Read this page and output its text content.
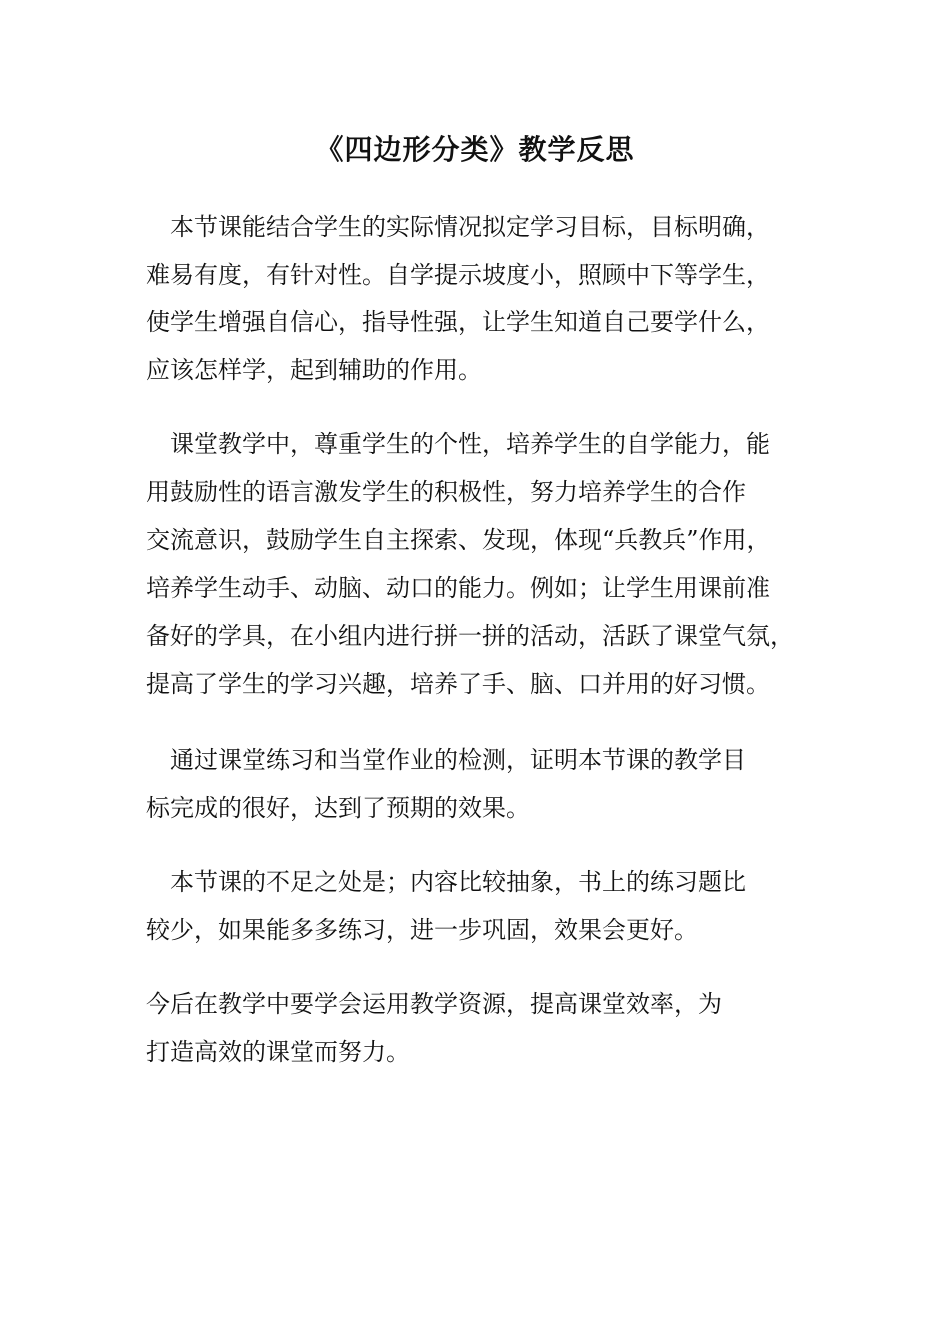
《四边形分类》教学反思

　本节课能结合学生的实际情况拟定学习目标，目标明确，

难易有度，有针对性。自学提示坡度小，照顾中下等学生，

使学生增强自信心，指导性强，让学生知道自己要学什么，

应该怎样学，起到辅助的作用。

　课堂教学中，尊重学生的个性，培养学生的自学能力，能

用鼓励性的语言激发学生的积极性，努力培养学生的合作

交流意识，鼓励学生自主探索、发现，体现“兵教兵”作用，

培养学生动手、动脑、动口的能力。例如；让学生用课前准

备好的学具，在小组内进行拼一拼的活动，活跃了课堂气氛，

提高了学生的学习兴趣，培养了手、脑、口并用的好习惯。

　通过课堂练习和当堂作业的检测，证明本节课的教学目

标完成的很好，达到了预期的效果。

　本节课的不足之处是；内容比较抽象，书上的练习题比

较少，如果能多多练习，进一步巩固，效果会更好。

今后在教学中要学会运用教学资源，提高课堂效率，为

打造高效的课堂而努力。
